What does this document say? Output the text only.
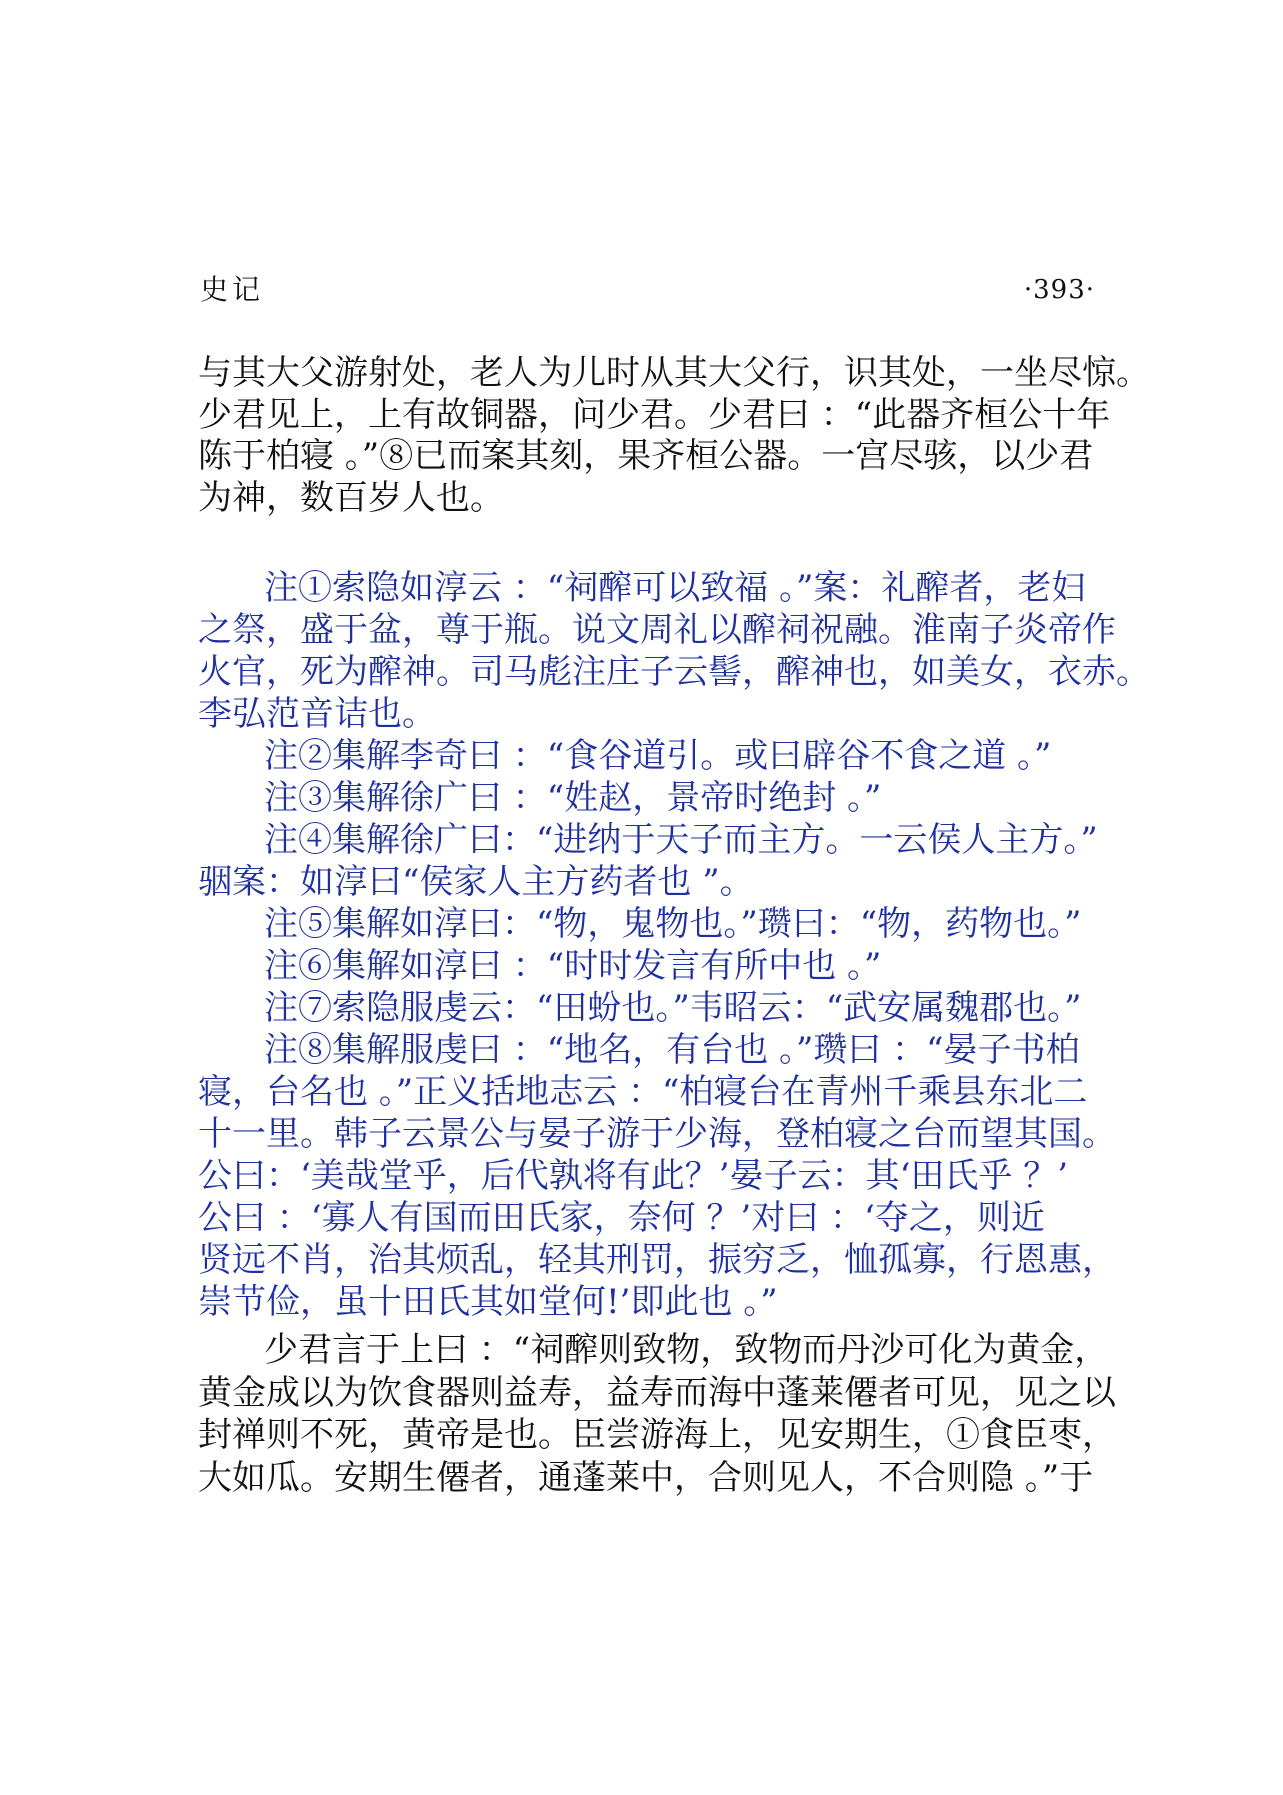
史记	·393·

与其大父游射处，老人为儿时从其大父行，识其处，一坐尽惊。

少君见上，上有故铜器，问少君。少君曰 ：“此器齐桓公十年

陈于柏寝 。”⑧已而案其刻，果齐桓公器。一宫尽骇，以少君

为神，数百岁人也。

注①索隐如淳云 ：“祠醡可以致福 。”案：礼醡者，老妇
之祭，盛于盆，尊于瓶。说文周礼以醡祠祝融。淮南子炎帝作
火官，死为醡神。司马彪注庄子云髻，醡神也，如美女，衣赤。
李弘范音诘也。
注②集解李奇曰 ：“食谷道引。或曰辟谷不食之道 。”
注③集解徐广曰 ：“姓赵，景帝时绝封 。”
注④集解徐广曰：“进纳于天子而主方。一云侯人主方。”
骃案：如淳曰“侯家人主方药者也 ”。
注⑤集解如淳曰：“物，鬼物也。”瓒曰：“物，药物也。”
注⑥集解如淳曰 ：“时时发言有所中也 。”
注⑦索隐服虔云：“田蚡也。”韦昭云：“武安属魏郡也。”
注⑧集解服虔曰 ：“地名，有台也 。”瓒曰 ：“晏子书柏
寝，台名也 。”正义括地志云 ：“柏寝台在青州千乘县东北二
十一里。韩子云景公与晏子游于少海，登柏寝之台而望其国。
公曰：‘美哉堂乎，后代孰将有此？’晏子云：其‘田氏乎 ？’
公曰 ：‘寡人有国而田氏家，奈何 ？’对曰 ：‘夺之，则近
贤远不肖，治其烦乱，轻其刑罚，振穷乏，恤孤寡，行恩惠，
崇节俭，虽十田氏其如堂何!’即此也 。”
少君言于上曰 ：“祠醡则致物，致物而丹沙可化为黄金，
黄金成以为饮食器则益寿，益寿而海中蓬莱僊者可见，见之以
封禅则不死，黄帝是也。臣尝游海上，见安期生，①食臣枣，
大如瓜。安期生僊者，通蓬莱中，合则见人，不合则隐 。”于
